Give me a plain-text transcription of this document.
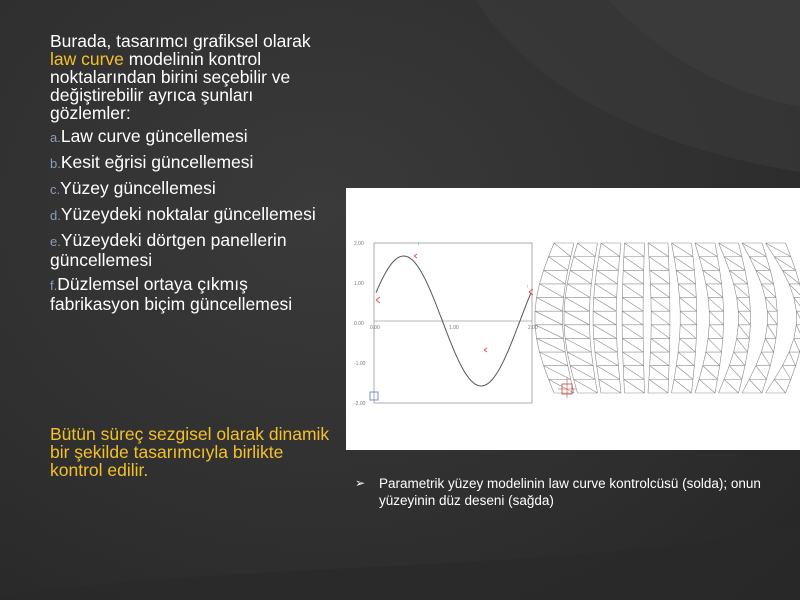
Burada, tasarımcı grafiksel olarak law curve modelinin kontrol noktalarından birini seçebilir ve değiştirebilir ayrıca şunları gözlemler:

a.Law curve güncellemesi
b.Kesit eğrisi güncellemesi
c.Yüzey güncellemesi
d.Yüzeydeki noktalar güncellemesi
e.Yüzeydeki dörtgen panellerin güncellemesi
f.Düzlemsel ortaya çıkmış fabrikasyon biçim güncellemesi
Bütün süreç sezgisel olarak dinamik bir şekilde tasarımcıyla birlikte kontrol edilir.
2.00
1.00
0.00
-1.00
-2.00
0.00	1.00	2.00
↑
↑
➢ Parametrik yüzey modelinin law curve kontrolcüsü (solda); onun yüzeyinin düz deseni (sağda)
